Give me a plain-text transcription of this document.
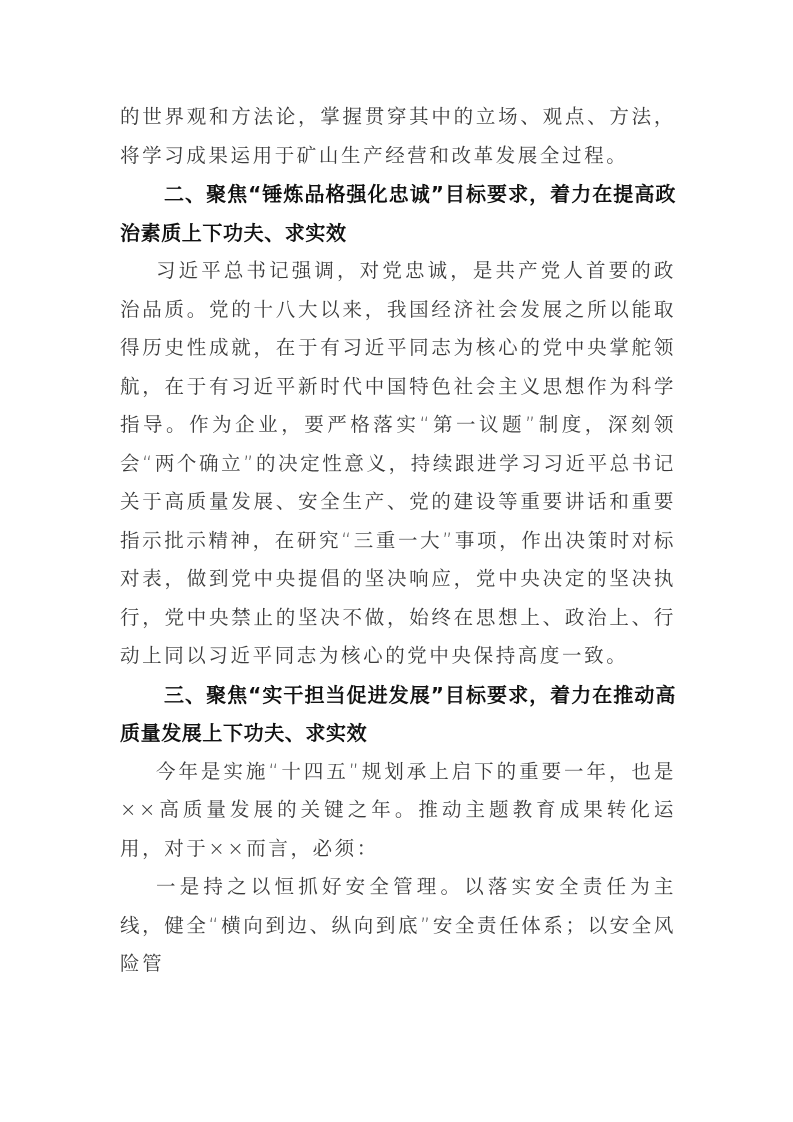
的世界观和方法论，掌握贯穿其中的立场、观点、方法，将学习成果运用于矿山生产经营和改革发展全过程。

二、聚焦“锤炼品格强化忠诚”目标要求，着力在提高政治素质上下功夫、求实效

习近平总书记强调，对党忠诚，是共产党人首要的政治品质。党的十八大以来，我国经济社会发展之所以能取得历史性成就，在于有习近平同志为核心的党中央掌舵领航，在于有习近平新时代中国特色社会主义思想作为科学指导。作为企业，要严格落实“第一议题”制度，深刻领会“两个确立”的决定性意义，持续跟进学习习近平总书记关于高质量发展、安全生产、党的建设等重要讲话和重要指示批示精神，在研究“三重一大”事项，作出决策时对标对表，做到党中央提倡的坚决响应，党中央决定的坚决执行，党中央禁止的坚决不做，始终在思想上、政治上、行动上同以习近平同志为核心的党中央保持高度一致。

三、聚焦“实干担当促进发展”目标要求，着力在推动高质量发展上下功夫、求实效

今年是实施“十四五”规划承上启下的重要一年，也是××高质量发展的关键之年。推动主题教育成果转化运用，对于××而言，必须：

一是持之以恒抓好安全管理。以落实安全责任为主线，健全“横向到边、纵向到底”安全责任体系；以安全风险管
